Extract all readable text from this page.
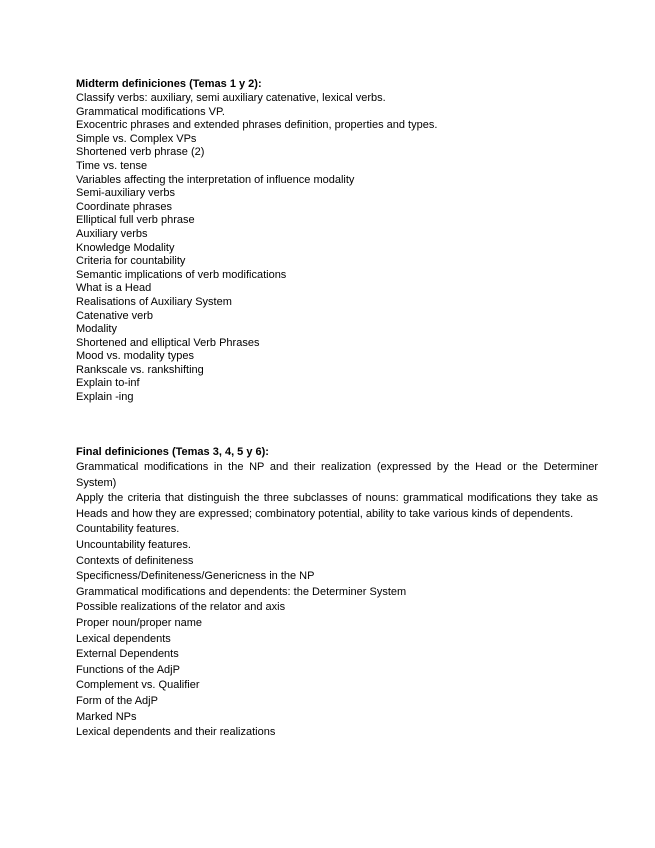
Midterm definiciones (Temas 1 y 2):
Classify verbs: auxiliary, semi auxiliary catenative, lexical verbs.
Grammatical modifications VP.
Exocentric phrases and extended phrases definition, properties and types.
Simple vs. Complex VPs
Shortened verb phrase (2)
Time vs. tense
Variables affecting the interpretation of influence modality
Semi-auxiliary verbs
Coordinate phrases
Elliptical full verb phrase
Auxiliary verbs
Knowledge Modality
Criteria for countability
Semantic implications of verb modifications
What is a Head
Realisations of Auxiliary System
Catenative verb
Modality
Shortened and elliptical Verb Phrases
Mood vs. modality types
Rankscale vs. rankshifting
Explain to-inf
Explain -ing
Final definiciones (Temas 3, 4, 5 y 6):
Grammatical modifications in the NP and their realization (expressed by the Head or the Determiner System)
Apply the criteria that distinguish the three subclasses of nouns: grammatical modifications they take as Heads and how they are expressed; combinatory potential, ability to take various kinds of dependents.
Countability features.
Uncountability features.
Contexts of definiteness
Specificness/Definiteness/Genericness in the NP
Grammatical modifications and dependents: the Determiner System
Possible realizations of the relator and axis
Proper noun/proper name
Lexical dependents
External Dependents
Functions of the AdjP
Complement vs. Qualifier
Form of the AdjP
Marked NPs
Lexical dependents and their realizations
